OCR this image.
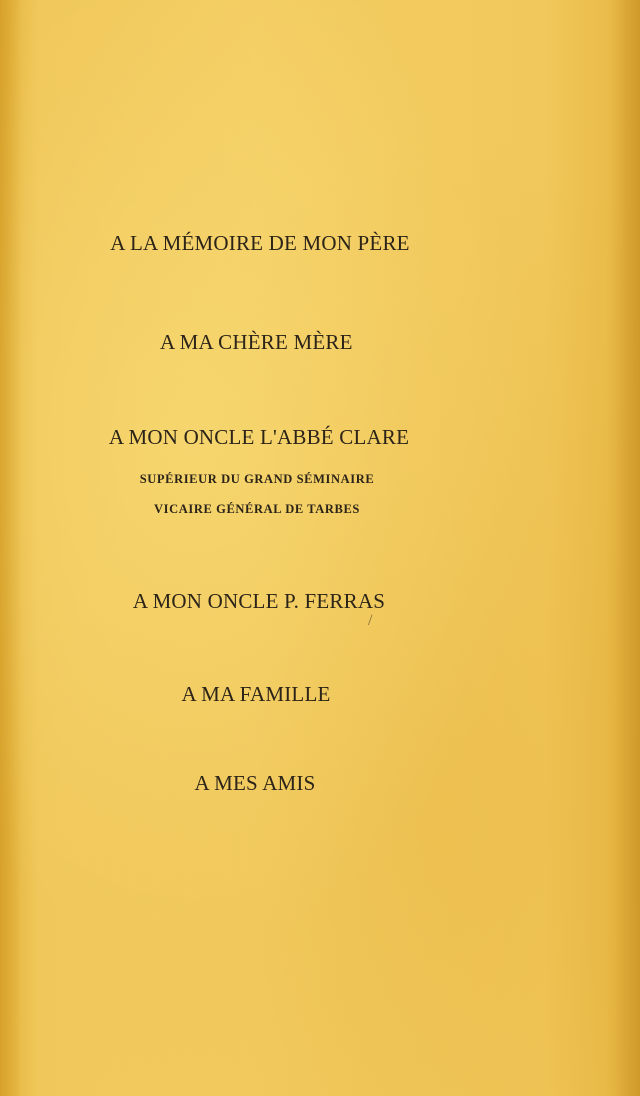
A LA MÉMOIRE DE MON PÈRE
A MA CHÈRE MÈRE
A MON ONCLE L'ABBÉ CLARE
SUPÉRIEUR DU GRAND SÉMINAIRE
VICAIRE GÉNÉRAL DE TARBES
A MON ONCLE P. FERRAS
/
A MA FAMILLE
A MES AMIS
